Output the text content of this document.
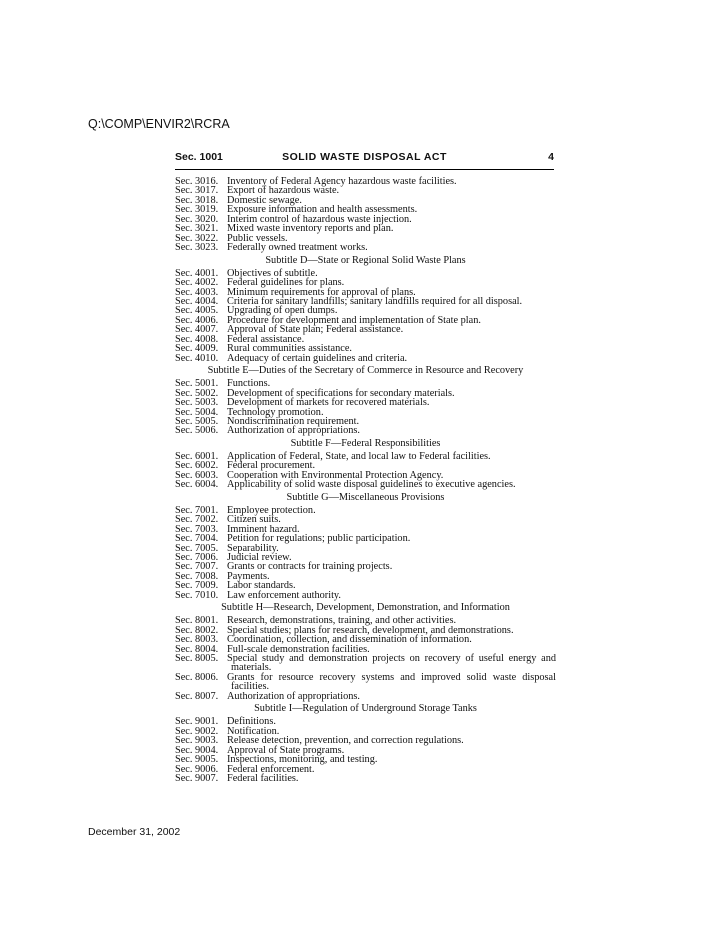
Q:\COMP\ENVIR2\RCRA
Sec. 1001	SOLID WASTE DISPOSAL ACT	4
Sec. 3016. Inventory of Federal Agency hazardous waste facilities.
Sec. 3017. Export of hazardous waste.
Sec. 3018. Domestic sewage.
Sec. 3019. Exposure information and health assessments.
Sec. 3020. Interim control of hazardous waste injection.
Sec. 3021. Mixed waste inventory reports and plan.
Sec. 3022. Public vessels.
Sec. 3023. Federally owned treatment works.
Subtitle D—State or Regional Solid Waste Plans
Sec. 4001. Objectives of subtitle.
Sec. 4002. Federal guidelines for plans.
Sec. 4003. Minimum requirements for approval of plans.
Sec. 4004. Criteria for sanitary landfills; sanitary landfills required for all disposal.
Sec. 4005. Upgrading of open dumps.
Sec. 4006. Procedure for development and implementation of State plan.
Sec. 4007. Approval of State plan; Federal assistance.
Sec. 4008. Federal assistance.
Sec. 4009. Rural communities assistance.
Sec. 4010. Adequacy of certain guidelines and criteria.
Subtitle E—Duties of the Secretary of Commerce in Resource and Recovery
Sec. 5001. Functions.
Sec. 5002. Development of specifications for secondary materials.
Sec. 5003. Development of markets for recovered materials.
Sec. 5004. Technology promotion.
Sec. 5005. Nondiscrimination requirement.
Sec. 5006. Authorization of appropriations.
Subtitle F—Federal Responsibilities
Sec. 6001. Application of Federal, State, and local law to Federal facilities.
Sec. 6002. Federal procurement.
Sec. 6003. Cooperation with Environmental Protection Agency.
Sec. 6004. Applicability of solid waste disposal guidelines to executive agencies.
Subtitle G—Miscellaneous Provisions
Sec. 7001. Employee protection.
Sec. 7002. Citizen suits.
Sec. 7003. Imminent hazard.
Sec. 7004. Petition for regulations; public participation.
Sec. 7005. Separability.
Sec. 7006. Judicial review.
Sec. 7007. Grants or contracts for training projects.
Sec. 7008. Payments.
Sec. 7009. Labor standards.
Sec. 7010. Law enforcement authority.
Subtitle H—Research, Development, Demonstration, and Information
Sec. 8001. Research, demonstrations, training, and other activities.
Sec. 8002. Special studies; plans for research, development, and demonstrations.
Sec. 8003. Coordination, collection, and dissemination of information.
Sec. 8004. Full-scale demonstration facilities.
Sec. 8005. Special study and demonstration projects on recovery of useful energy and materials.
Sec. 8006. Grants for resource recovery systems and improved solid waste disposal facilities.
Sec. 8007. Authorization of appropriations.
Subtitle I—Regulation of Underground Storage Tanks
Sec. 9001. Definitions.
Sec. 9002. Notification.
Sec. 9003. Release detection, prevention, and correction regulations.
Sec. 9004. Approval of State programs.
Sec. 9005. Inspections, monitoring, and testing.
Sec. 9006. Federal enforcement.
Sec. 9007. Federal facilities.
December 31, 2002
